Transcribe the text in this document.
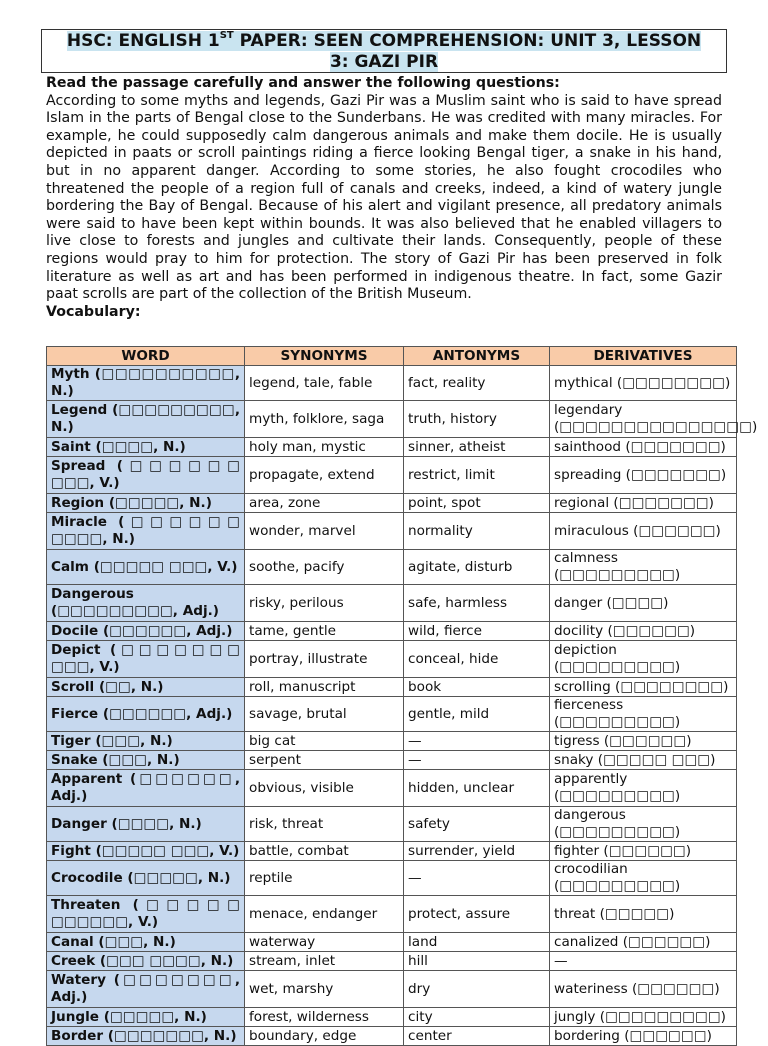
HSC: ENGLISH 1ST PAPER: SEEN COMPREHENSION: UNIT 3, LESSON
3: GAZI PIR
Read the passage carefully and answer the following questions:
According to some myths and legends, Gazi Pir was a Muslim saint who is said to have spread Islam in the parts of Bengal close to the Sunderbans. He was credited with many miracles. For example, he could supposedly calm dangerous animals and make them docile. He is usually depicted in paats or scroll paintings riding a fierce looking Bengal tiger, a snake in his hand, but in no apparent danger. According to some stories, he also fought crocodiles who threatened the people of a region full of canals and creeks, indeed, a kind of watery jungle bordering the Bay of Bengal. Because of his alert and vigilant presence, all predatory animals were said to have been kept within bounds. It was also believed that he enabled villagers to live close to forests and jungles and cultivate their lands. Consequently, people of these regions would pray to him for protection. The story of Gazi Pir has been preserved in folk literature as well as art and has been performed in indigenous theatre. In fact, some Gazir paat scrolls are part of the collection of the British Museum.
Vocabulary:
WORD	SYNONYMS	ANTONYMS	DERIVATIVES
Myth (□□□□□□□□□□, N.)	legend, tale, fable	fact, reality	mythical (□□□□□□□□)
Legend (□□□□□□□□□, N.)	myth, folklore, saga	truth, history	legendary (□□□□□□□□□□□□□□□)
Saint (□□□□, N.)	holy man, mystic	sinner, atheist	sainthood (□□□□□□□)
Spread (□□□□□□ □□□, V.)	propagate, extend	restrict, limit	spreading (□□□□□□□)
Region (□□□□□, N.)	area, zone	point, spot	regional (□□□□□□□)
Miracle (□□□□□□ □□□□, N.)	wonder, marvel	normality	miraculous (□□□□□□)
Calm (□□□□□ □□□, V.)	soothe, pacify	agitate, disturb	calmness (□□□□□□□□□)
Dangerous (□□□□□□□□□, Adj.)	risky, perilous	safe, harmless	danger (□□□□)
Docile (□□□□□□, Adj.)	tame, gentle	wild, fierce	docility (□□□□□□)
Depict (□□□□□□□ □□□, V.)	portray, illustrate	conceal, hide	depiction (□□□□□□□□□)
Scroll (□□, N.)	roll, manuscript	book	scrolling (□□□□□□□□)
Fierce (□□□□□□, Adj.)	savage, brutal	gentle, mild	fierceness (□□□□□□□□□)
Tiger (□□□, N.)	big cat	—	tigress (□□□□□□)
Snake (□□□, N.)	serpent	—	snaky (□□□□□ □□□)
Apparent (□□□□□□, Adj.)	obvious, visible	hidden, unclear	apparently (□□□□□□□□□)
Danger (□□□□, N.)	risk, threat	safety	dangerous (□□□□□□□□□)
Fight (□□□□□ □□□, V.)	battle, combat	surrender, yield	fighter (□□□□□□)
Crocodile (□□□□□, N.)	reptile	—	crocodilian (□□□□□□□□□)
Threaten (□□□□□ □□□□□□, V.)	menace, endanger	protect, assure	threat (□□□□□)
Canal (□□□, N.)	waterway	land	canalized (□□□□□□)
Creek (□□□ □□□□, N.)	stream, inlet	hill	—
Watery (□□□□□□□, Adj.)	wet, marshy	dry	wateriness (□□□□□□)
Jungle (□□□□□, N.)	forest, wilderness	city	jungly (□□□□□□□□□)
Border (□□□□□□□, N.)	boundary, edge	center	bordering (□□□□□□)
